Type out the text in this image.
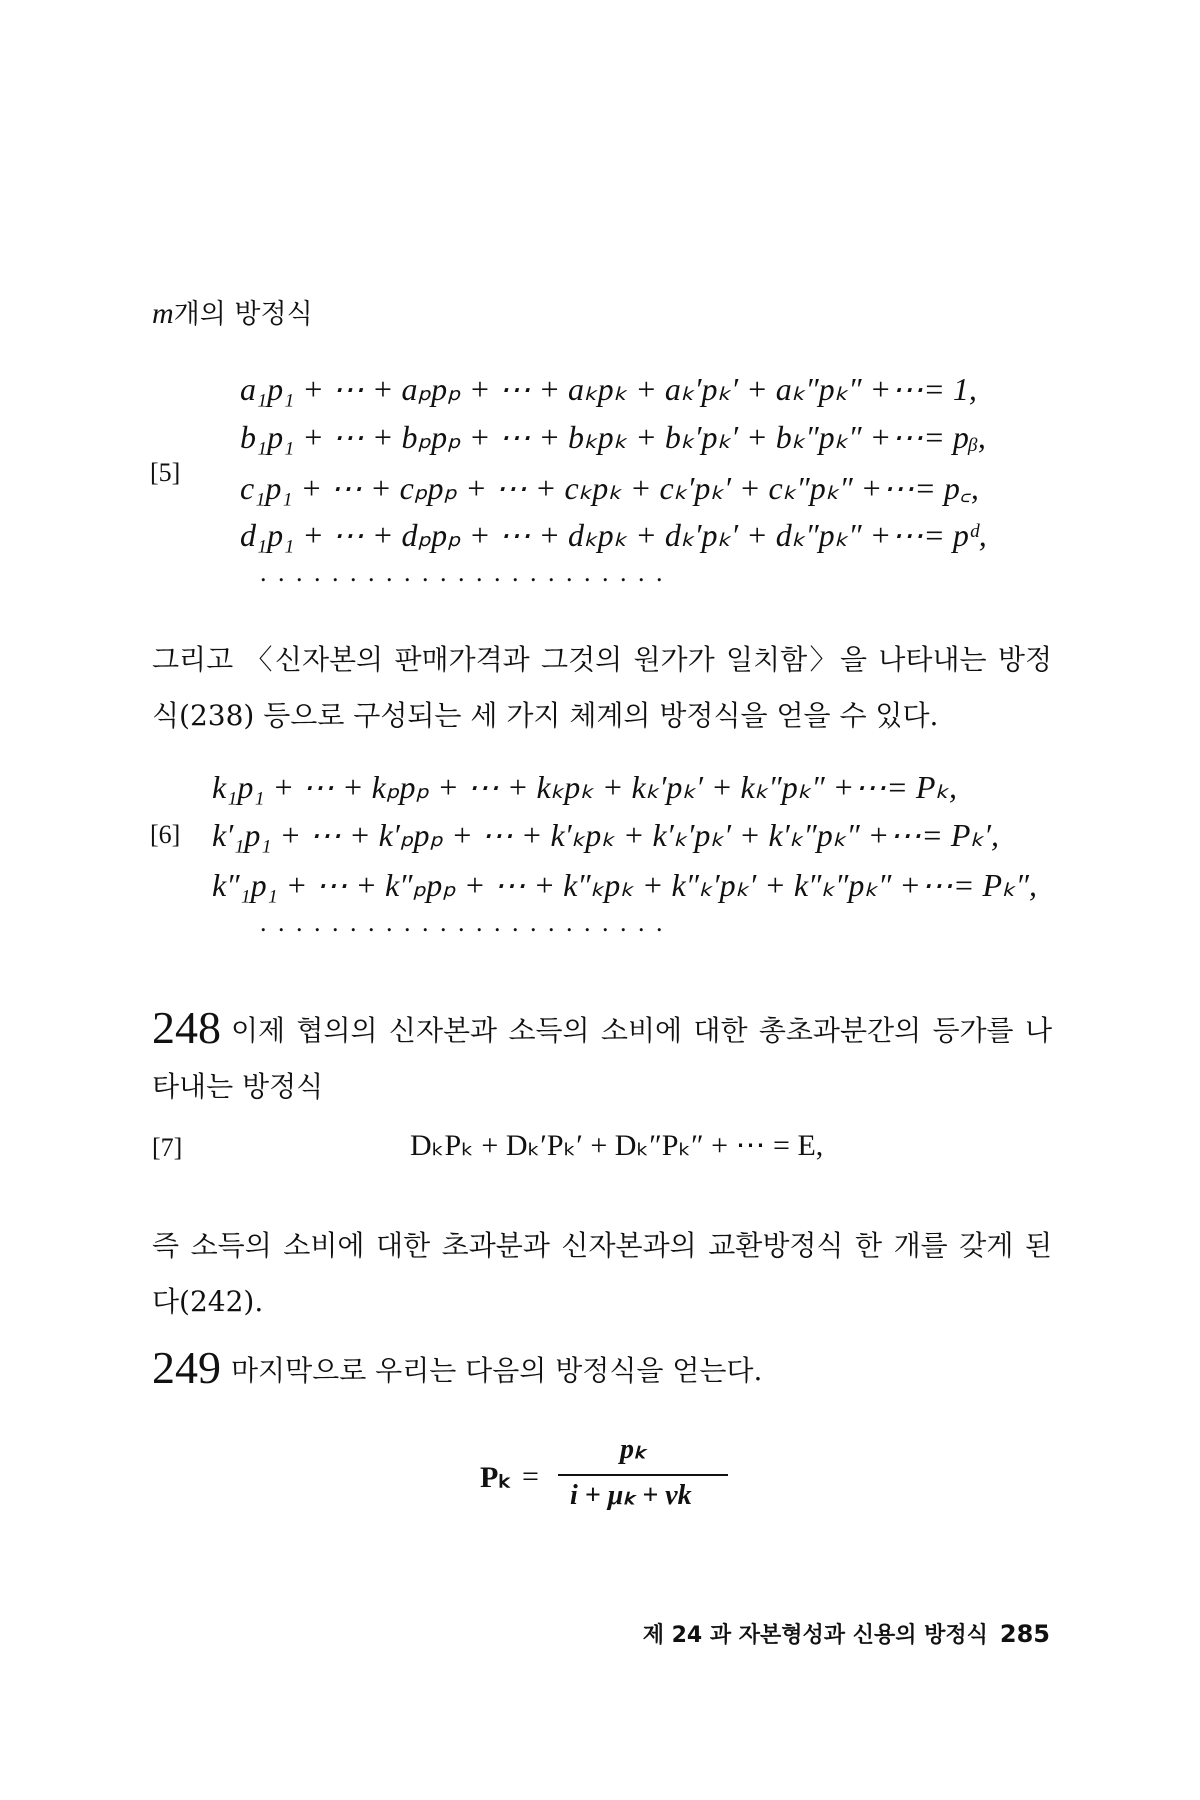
m개의 방정식
[5]
a₁p₁ + ⋯ + aₚpₚ + ⋯ + aₖpₖ + aₖ′pₖ′ + aₖ″pₖ″ +⋯= 1,
b₁p₁ + ⋯ + bₚpₚ + ⋯ + bₖpₖ + bₖ′pₖ′ + bₖ″pₖ″ +⋯= pᵦ,
c₁p₁ + ⋯ + cₚpₚ + ⋯ + cₖpₖ + cₖ′pₖ′ + cₖ″pₖ″ +⋯= p꜀,
d₁p₁ + ⋯ + dₚpₚ + ⋯ + dₖpₖ + dₖ′pₖ′ + dₖ″pₖ″ +⋯= pᵈ,
.......................
그리고 〈신자본의 판매가격과 그것의 원가가 일치함〉을 나타내는 방정식(238) 등으로 구성되는 세 가지 체계의 방정식을 얻을 수 있다.
[6]
k₁p₁ + ⋯ + kₚpₚ + ⋯ + kₖpₖ + kₖ′pₖ′ + kₖ″pₖ″ +⋯= Pₖ,
k′₁p₁ + ⋯ + k′ₚpₚ + ⋯ + k′ₖpₖ + k′ₖ′pₖ′ + k′ₖ″pₖ″ +⋯= Pₖ′,
k″₁p₁ + ⋯ + k″ₚpₚ + ⋯ + k″ₖpₖ + k″ₖ′pₖ′ + k″ₖ″pₖ″ +⋯= Pₖ″,
.......................
248 이제 협의의 신자본과 소득의 소비에 대한 총초과분간의 등가를 나타내는 방정식
[7]	DₖPₖ + Dₖ′Pₖ′ + Dₖ″Pₖ″ + ⋯ = E,
즉 소득의 소비에 대한 초과분과 신자본과의 교환방정식 한 개를 갖게 된다(242).
249 마지막으로 우리는 다음의 방정식을 얻는다.
Pₖ =
pₖ
i + μₖ + νk
제 24 과 자본형성과 신용의 방정식 285
